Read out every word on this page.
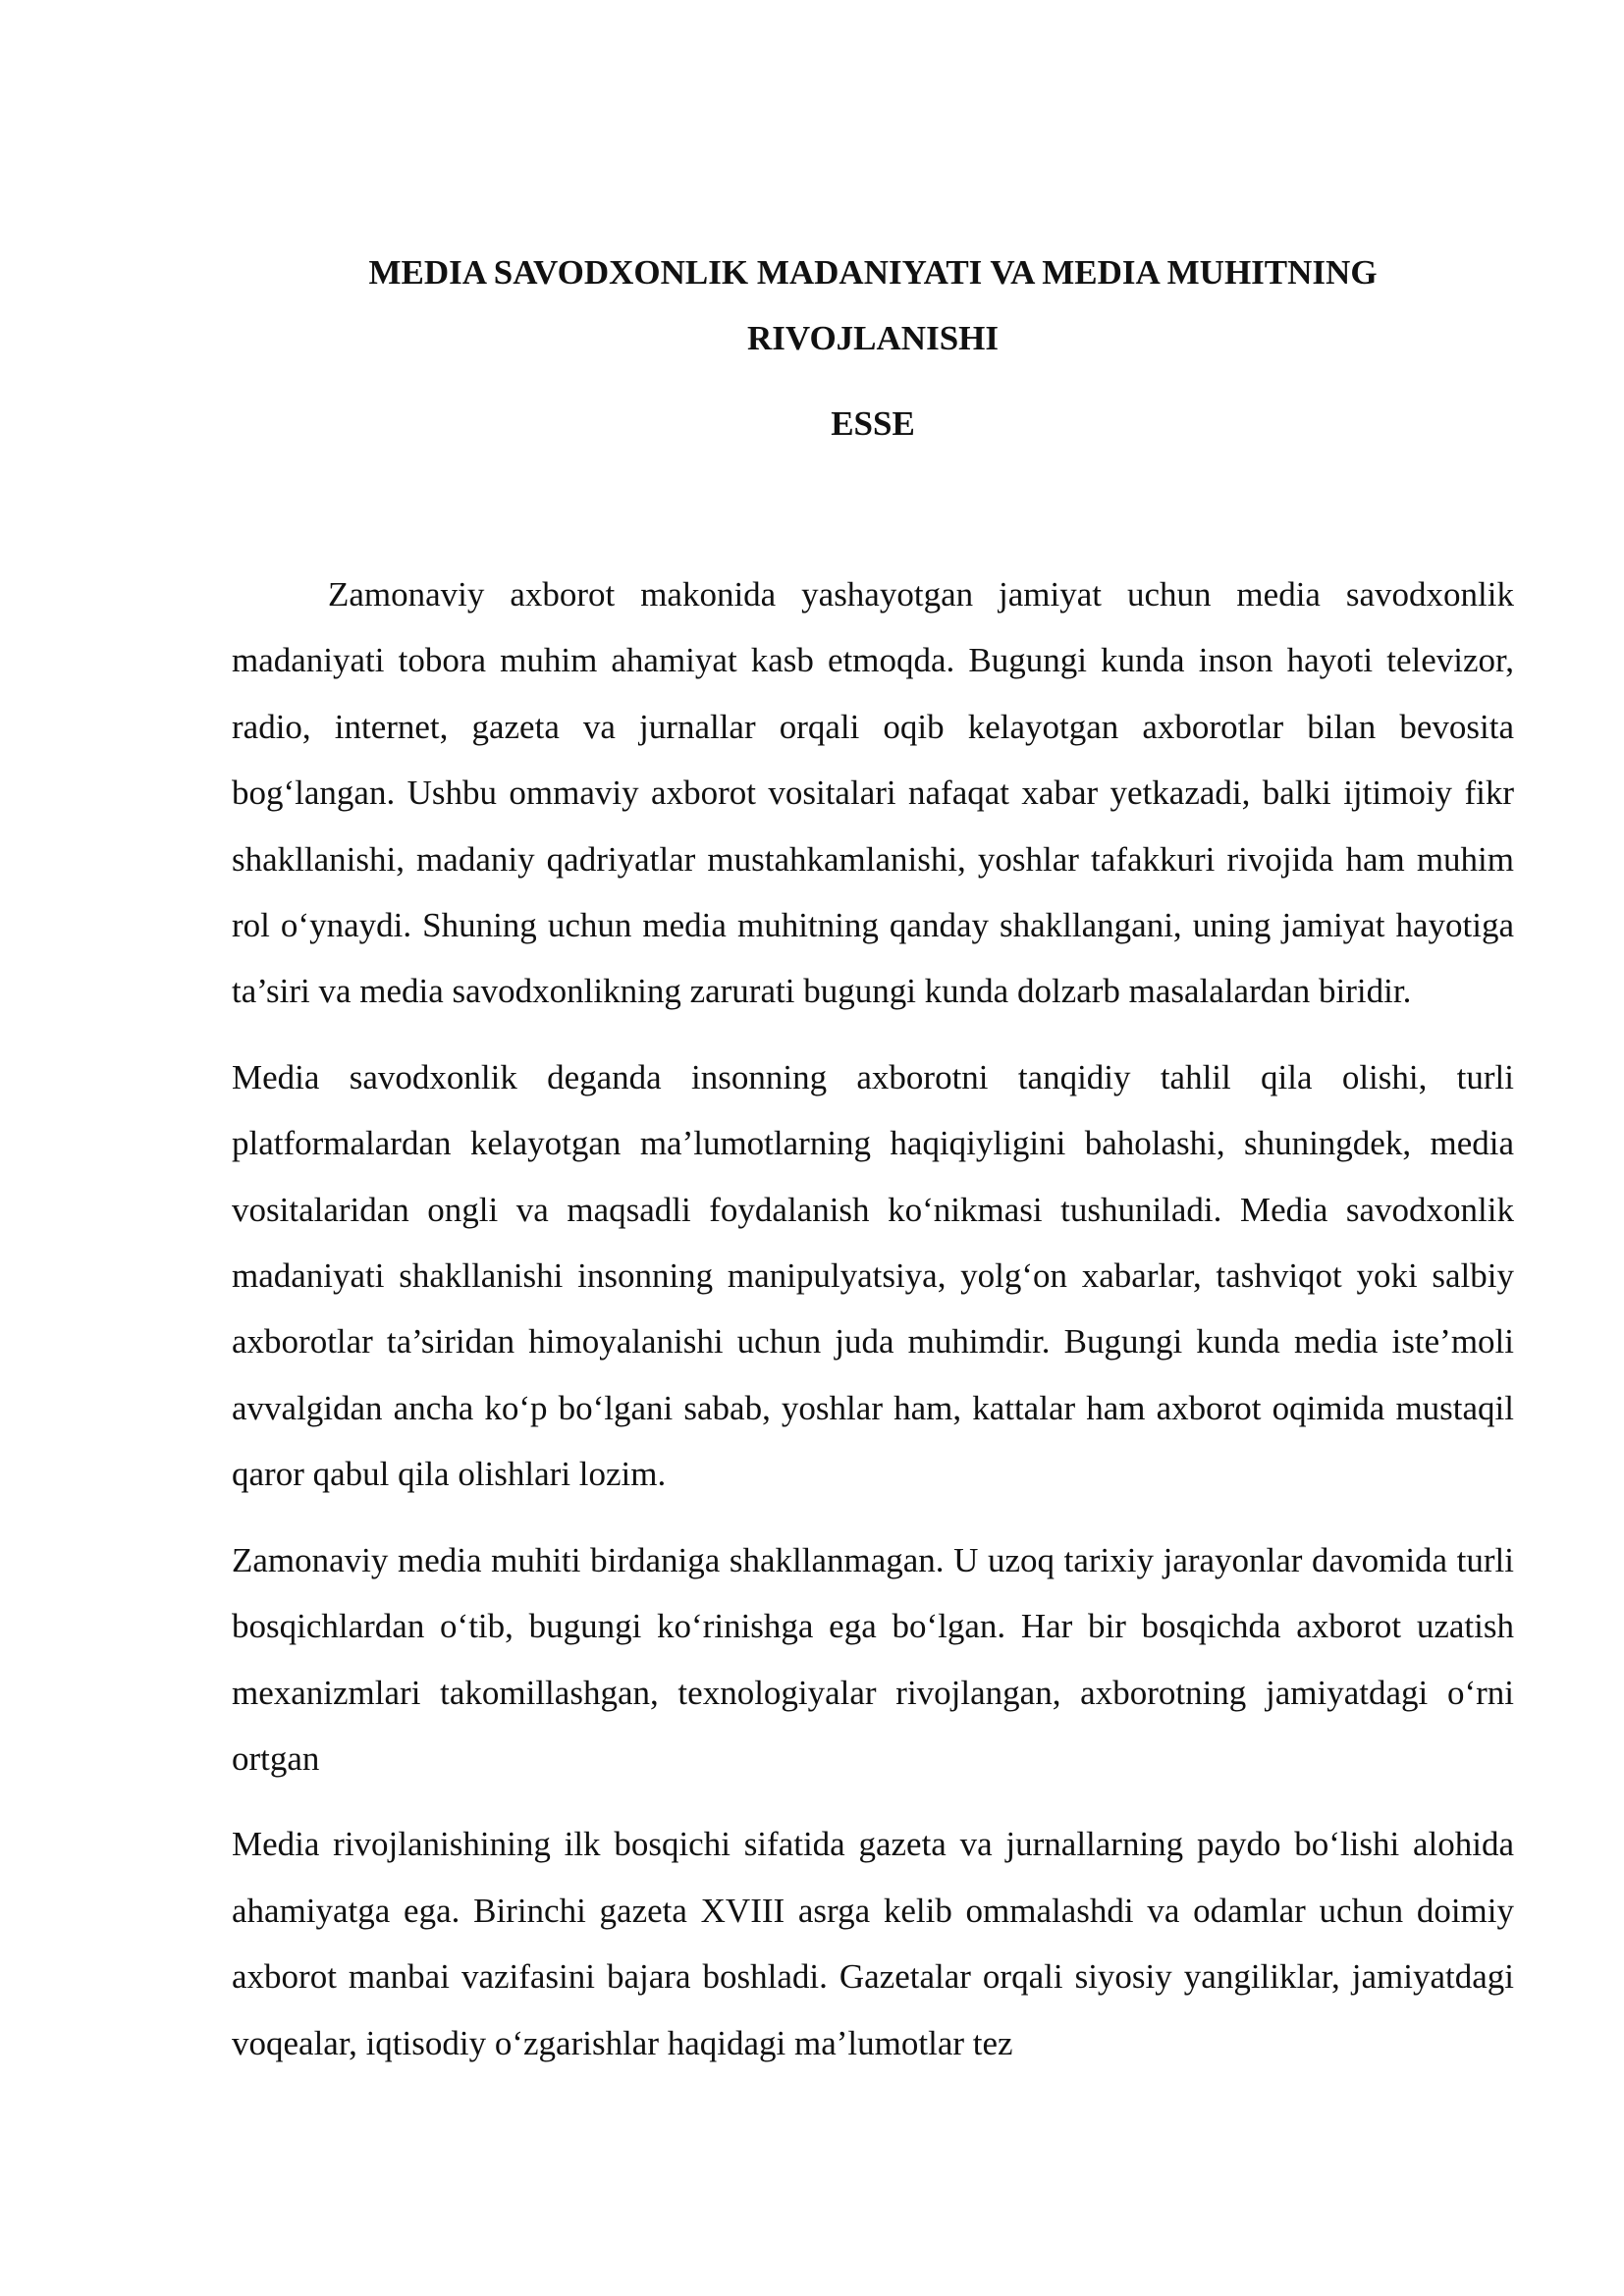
MEDIA SAVODXONLIK MADANIYATI VA MEDIA MUHITNING
RIVOJLANISHI
ESSE

Zamonaviy axborot makonida yashayotgan jamiyat uchun media savodxonlik madaniyati tobora muhim ahamiyat kasb etmoqda. Bugungi kunda inson hayoti televizor, radio, internet, gazeta va jurnallar orqali oqib kelayotgan axborotlar bilan bevosita bog‘langan. Ushbu ommaviy axborot vositalari nafaqat xabar yetkazadi, balki ijtimoiy fikr shakllanishi, madaniy qadriyatlar mustahkamlanishi, yoshlar tafakkuri rivojida ham muhim rol o‘ynaydi. Shuning uchun media muhitning qanday shakllangani, uning jamiyat hayotiga ta’siri va media savodxonlikning zarurati bugungi kunda dolzarb masalalardan biridir.

Media savodxonlik deganda insonning axborotni tanqidiy tahlil qila olishi, turli platformalardan kelayotgan ma’lumotlarning haqiqiyligini baholashi, shuningdek, media vositalaridan ongli va maqsadli foydalanish ko‘nikmasi tushuniladi. Media savodxonlik madaniyati shakllanishi insonning manipulyatsiya, yolg‘on xabarlar, tashviqot yoki salbiy axborotlar ta’siridan himoyalanishi uchun juda muhimdir. Bugungi kunda media iste’moli avvalgidan ancha ko‘p bo‘lgani sabab, yoshlar ham, kattalar ham axborot oqimida mustaqil qaror qabul qila olishlari lozim.

Zamonaviy media muhiti birdaniga shakllanmagan. U uzoq tarixiy jarayonlar davomida turli bosqichlardan o‘tib, bugungi ko‘rinishga ega bo‘lgan. Har bir bosqichda axborot uzatish mexanizmlari takomillashgan, texnologiyalar rivojlangan, axborotning jamiyatdagi o‘rni ortgan

Media rivojlanishining ilk bosqichi sifatida gazeta va jurnallarning paydo bo‘lishi alohida ahamiyatga ega. Birinchi gazeta XVIII asrga kelib ommalashdi va odamlar uchun doimiy axborot manbai vazifasini bajara boshladi. Gazetalar orqali siyosiy yangiliklar, jamiyatdagi voqealar, iqtisodiy o‘zgarishlar haqidagi ma’lumotlar tez
